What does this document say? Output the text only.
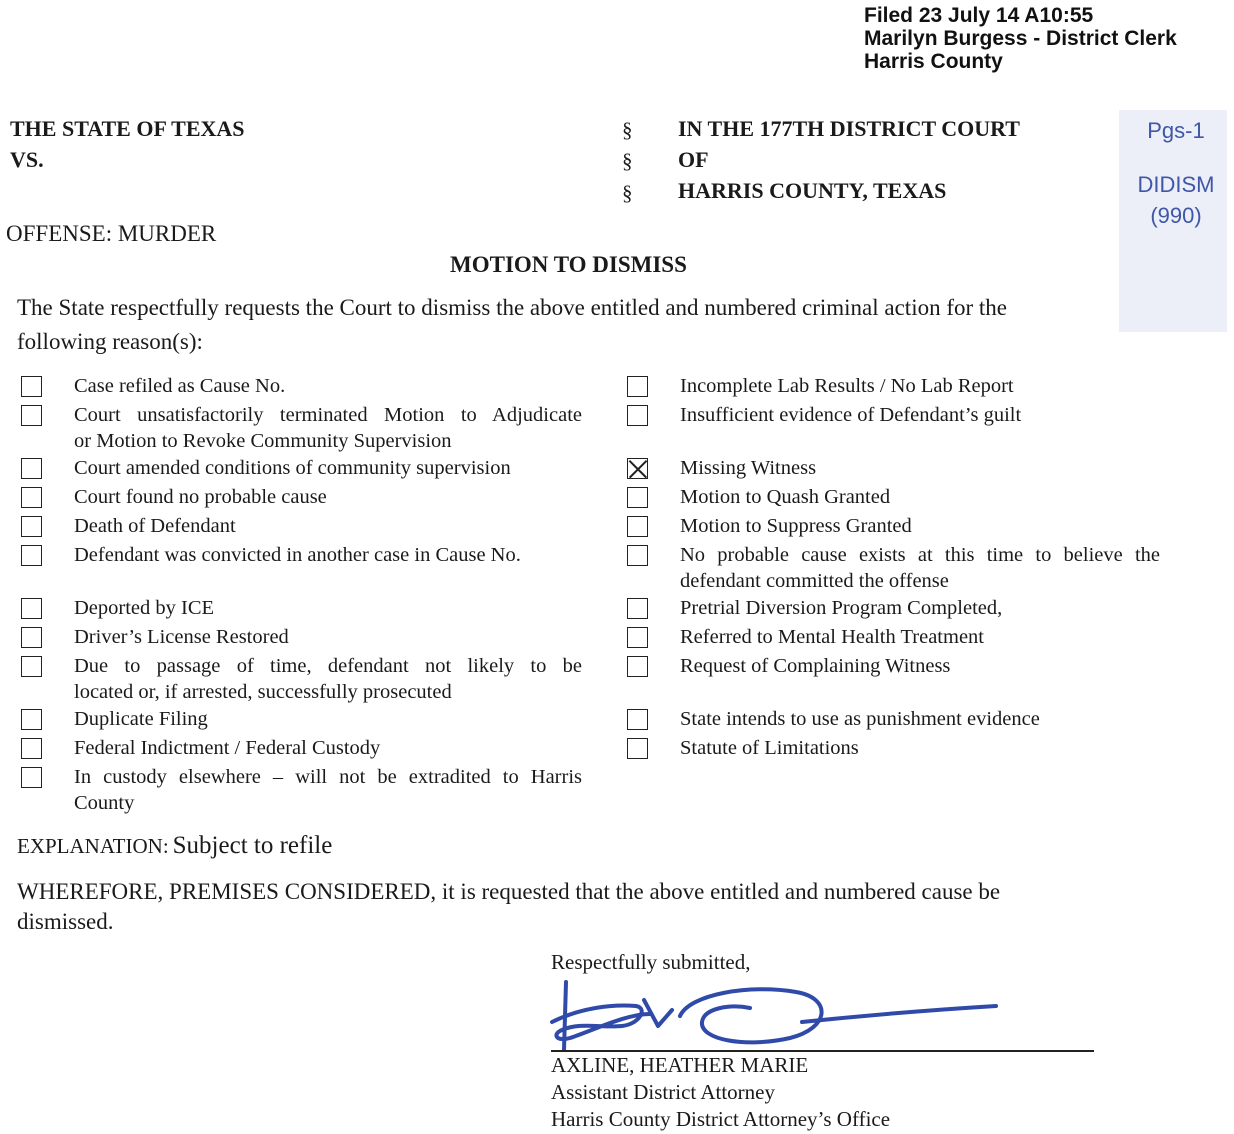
Filed 23 July 14 A10:55
Marilyn Burgess - District Clerk
Harris County
Pgs-1
DIDISM
(990)
THE STATE OF TEXAS
VS.
§
§
§
IN THE 177TH DISTRICT COURT
OF
HARRIS COUNTY, TEXAS
OFFENSE: MURDER
MOTION TO DISMISS
The State respectfully requests the Court to dismiss the above entitled and numbered criminal action for the
following reason(s):
Case refiled as Cause No.
Court unsatisfactorily terminated Motion to Adjudicate
or Motion to Revoke Community Supervision
Court amended conditions of community supervision
Court found no probable cause
Death of Defendant
Defendant was convicted in another case in Cause No.
Deported by ICE
Driver’s License Restored
Due to passage of time, defendant not likely to be
located or, if arrested, successfully prosecuted
Duplicate Filing
Federal Indictment / Federal Custody
In custody elsewhere – will not be extradited to Harris
County
Incomplete Lab Results / No Lab Report
Insufficient evidence of Defendant’s guilt
Missing Witness
Motion to Quash Granted
Motion to Suppress Granted
No probable cause exists at this time to believe the
defendant committed the offense
Pretrial Diversion Program Completed,
Referred to Mental Health Treatment
Request of Complaining Witness
State intends to use as punishment evidence
Statute of Limitations
EXPLANATION: Subject to refile
WHEREFORE, PREMISES CONSIDERED, it is requested that the above entitled and numbered cause be
dismissed.
Respectfully submitted,
AXLINE, HEATHER MARIE
Assistant District Attorney
Harris County District Attorney’s Office
